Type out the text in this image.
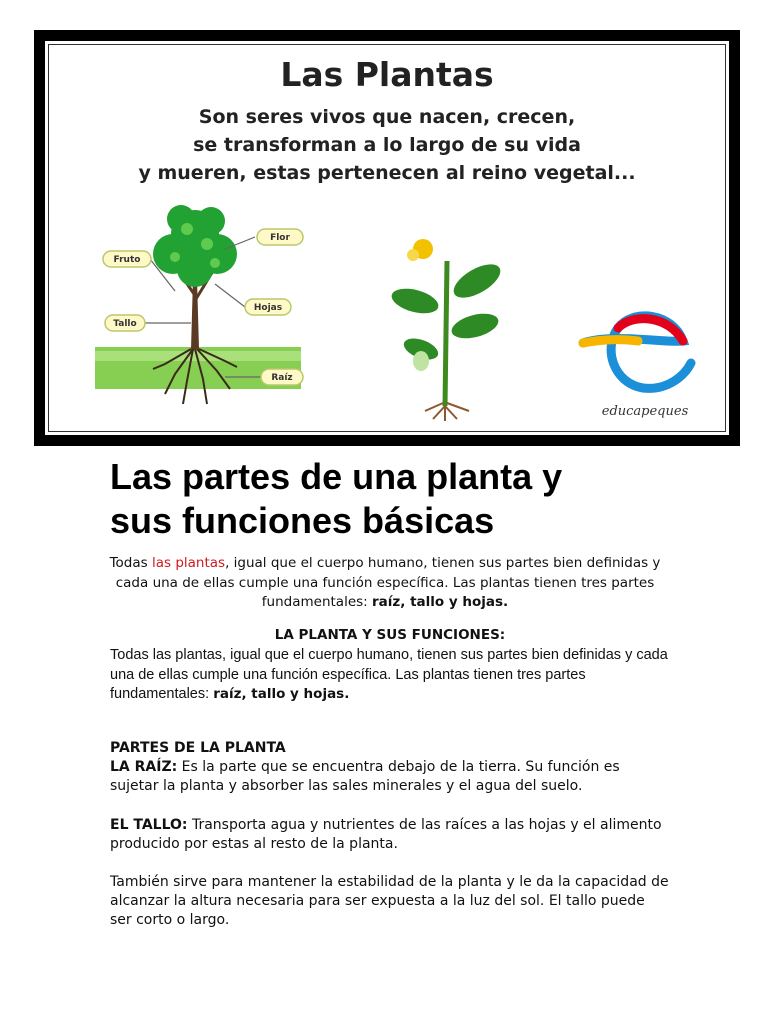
Las Plantas
Son seres vivos que nacen, crecen,
se transforman a lo largo de su vida
y mueren, estas pertenecen al reino vegetal...
Fruto
Flor
Hojas
Tallo
Raíz
educapeques
Las partes de una planta y
sus funciones básicas
Todas las plantas, igual que el cuerpo humano, tienen sus partes bien definidas y cada una de ellas cumple una función específica. Las plantas tienen tres partes fundamentales: raíz, tallo y hojas.
LA PLANTA Y SUS FUNCIONES:
Todas las plantas, igual que el cuerpo humano, tienen sus partes bien definidas y cada una de ellas cumple una función específica. Las plantas tienen tres partes fundamentales: raíz, tallo y hojas.
PARTES DE LA PLANTA
LA RAÍZ: Es la parte que se encuentra debajo de la tierra. Su función es sujetar la planta y absorber las sales minerales y el agua del suelo.
EL TALLO: Transporta agua y nutrientes de las raíces a las hojas y el alimento producido por estas al resto de la planta.
También sirve para mantener la estabilidad de la planta y le da la capacidad de alcanzar la altura necesaria para ser expuesta a la luz del sol. El tallo puede ser corto o largo.
